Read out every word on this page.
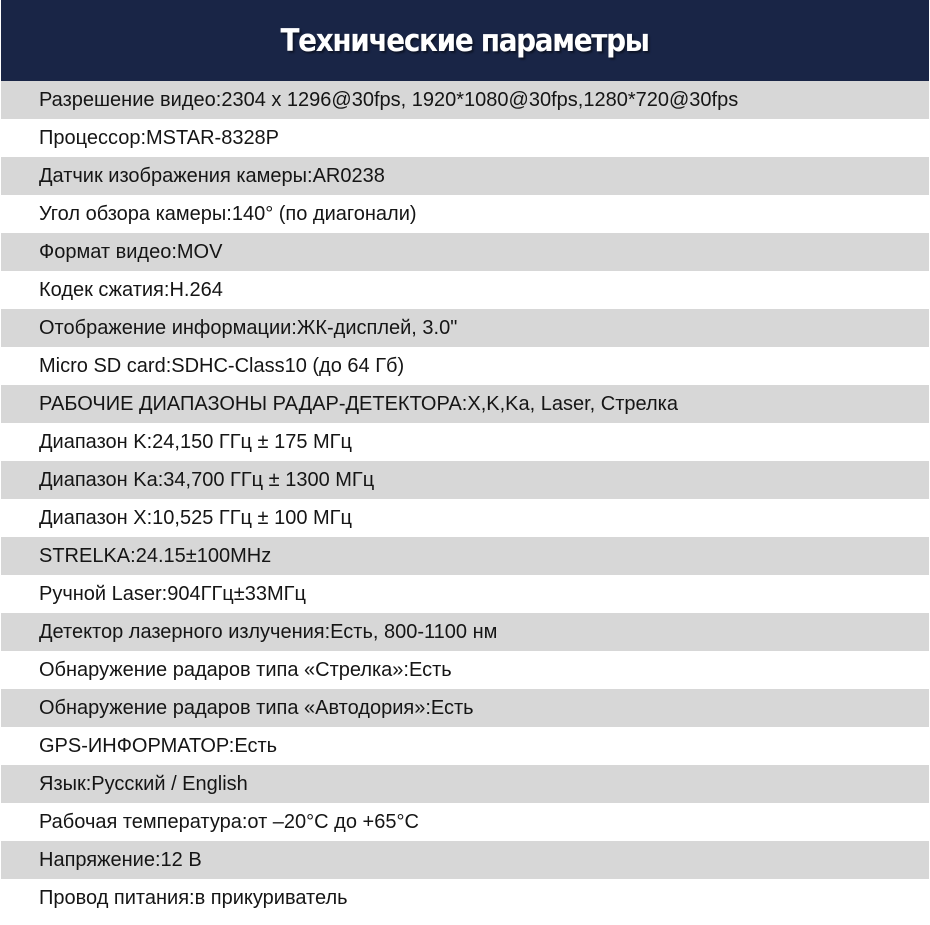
Технические параметры
Разрешение видео: 2304 x 1296@30fps, 1920*1080@30fps,1280*720@30fps
Процессор: MSTAR-8328P
Датчик изображения камеры: AR0238
Угол обзора камеры: 140° (по диагонали)
Формат видео: MOV
Кодек сжатия: H.264
Отображение информации: ЖК-дисплей, 3.0"
Micro SD card: SDHC-Class10 (до 64 Гб)
РАБОЧИЕ ДИАПАЗОНЫ РАДАР-ДЕТЕКТОРА: X,K,Ka, Laser, Стрелка
Диапазон K: 24,150 ГГц ± 175 МГц
Диапазон Ka: 34,700 ГГц ± 1300 МГц
Диапазон X: 10,525 ГГц ± 100 МГц
STRELKA: 24.15±100MHz
Ручной Laser: 904ГГц±33МГц
Детектор лазерного излучения: Есть, 800-1100 нм
Обнаружение радаров типа «Стрелка»: Есть
Обнаружение радаров типа «Автодория»: Есть
GPS-ИНФОРМАТОР: Есть
Язык: Русский / English
Рабочая температура: от –20°C до +65°C
Напряжение: 12 В
Провод питания: в прикуриватель
